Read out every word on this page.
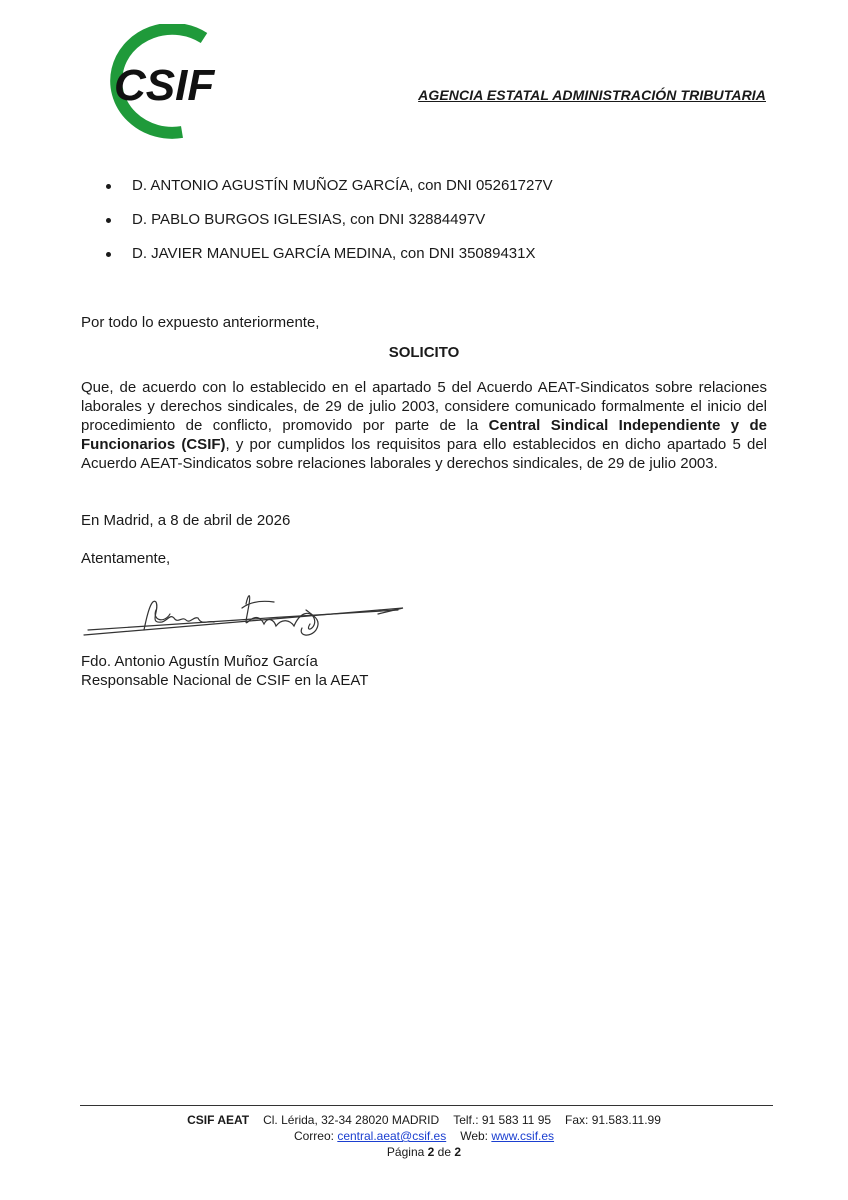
CSIF	AGENCIA ESTATAL ADMINISTRACIÓN TRIBUTARIA
D. ANTONIO AGUSTÍN MUÑOZ GARCÍA, con DNI 05261727V
D. PABLO BURGOS IGLESIAS, con DNI 32884497V
D. JAVIER MANUEL GARCÍA MEDINA, con DNI 35089431X
Por todo lo expuesto anteriormente,
SOLICITO
Que, de acuerdo con lo establecido en el apartado 5 del Acuerdo AEAT-Sindicatos sobre relaciones laborales y derechos sindicales, de 29 de julio 2003, considere comunicado formalmente el inicio del procedimiento de conflicto, promovido por parte de la Central Sindical Independiente y de Funcionarios (CSIF), y por cumplidos los requisitos para ello establecidos en dicho apartado 5 del Acuerdo AEAT-Sindicatos sobre relaciones laborales y derechos sindicales, de 29 de julio 2003.
En Madrid, a 8 de abril de 2026
Atentamente,
Fdo. Antonio Agustín Muñoz García
Responsable Nacional de CSIF en la AEAT
CSIF AEAT Cl. Lérida, 32-34 28020 MADRID Telf.: 91 583 11 95 Fax: 91.583.11.99
Correo: central.aeat@csif.es Web: www.csif.es
Página 2 de 2
